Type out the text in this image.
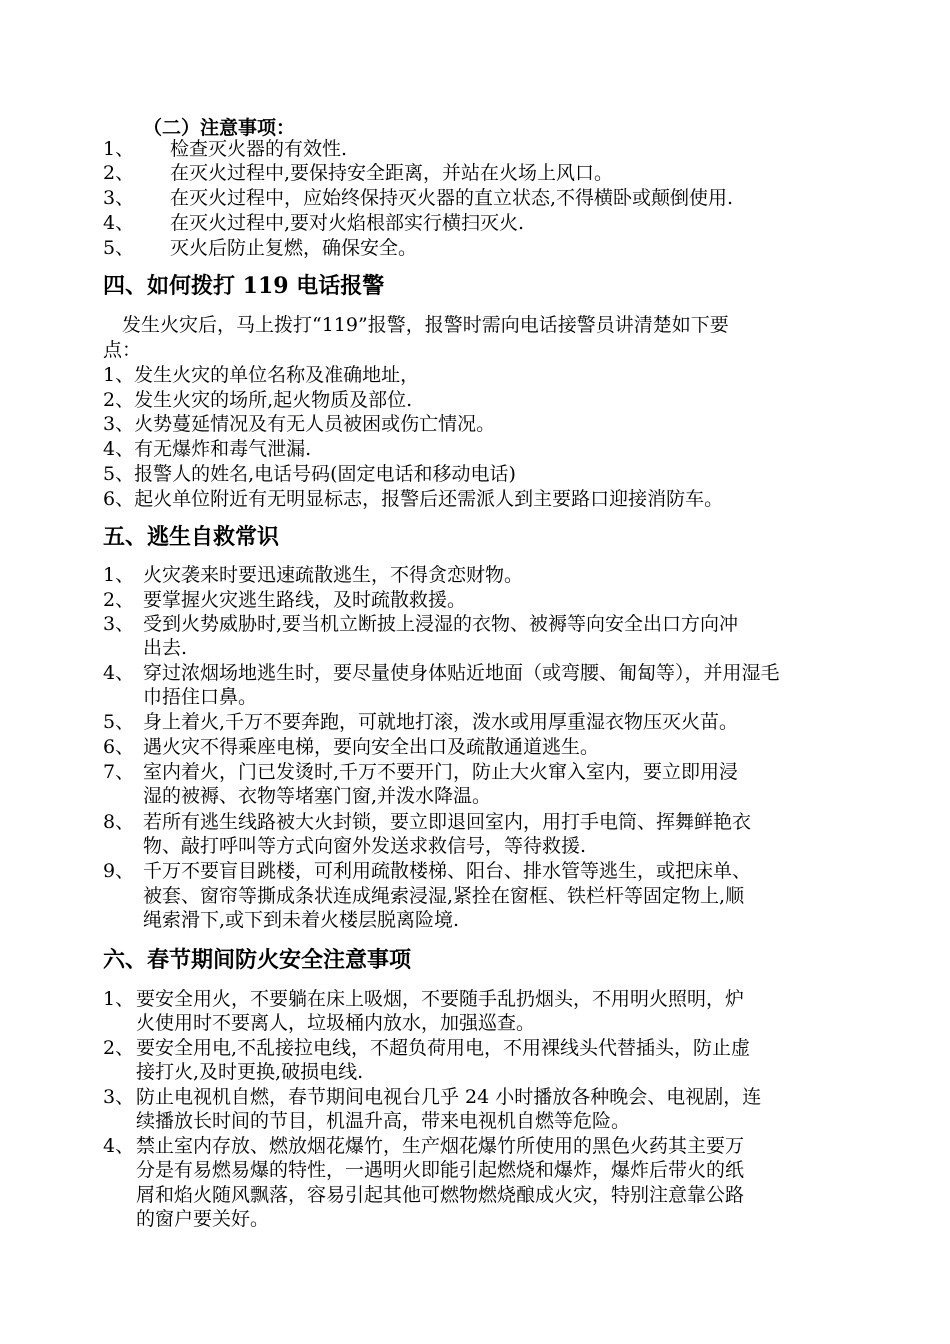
（二）注意事项：
1、 检查灭火器的有效性.
2、 在灭火过程中,要保持安全距离，并站在火场上风口。
3、 在灭火过程中，应始终保持灭火器的直立状态,不得横卧或颠倒使用.
4、 在灭火过程中,要对火焰根部实行横扫灭火.
5、 灭火后防止复燃，确保安全。
四、如何拨打 119 电话报警
发生火灾后，马上拨打“119”报警，报警时需向电话接警员讲清楚如下要
点：
1、发生火灾的单位名称及准确地址，
2、发生火灾的场所,起火物质及部位.
3、火势蔓延情况及有无人员被困或伤亡情况。
4、有无爆炸和毒气泄漏.
5、报警人的姓名,电话号码(固定电话和移动电话)
6、起火单位附近有无明显标志，报警后还需派人到主要路口迎接消防车。
五、逃生自救常识
1、 火灾袭来时要迅速疏散逃生，不得贪恋财物。
2、 要掌握火灾逃生路线，及时疏散救援。
3、 受到火势威胁时,要当机立断披上浸湿的衣物、被褥等向安全出口方向冲
出去.
4、 穿过浓烟场地逃生时，要尽量使身体贴近地面（或弯腰、匍匐等），并用湿毛
巾捂住口鼻。
5、 身上着火,千万不要奔跑，可就地打滚，泼水或用厚重湿衣物压灭火苗。
6、 遇火灾不得乘座电梯，要向安全出口及疏散通道逃生。
7、 室内着火，门已发烫时,千万不要开门，防止大火窜入室内，要立即用浸
湿的被褥、衣物等堵塞门窗,并泼水降温。
8、 若所有逃生线路被大火封锁，要立即退回室内，用打手电筒、挥舞鲜艳衣
物、敲打呼叫等方式向窗外发送求救信号，等待救援.
9、 千万不要盲目跳楼，可利用疏散楼梯、阳台、排水管等逃生，或把床单、
被套、窗帘等撕成条状连成绳索浸湿,紧拴在窗框、铁栏杆等固定物上,顺
绳索滑下,或下到未着火楼层脱离险境.
六、春节期间防火安全注意事项
1、 要安全用火，不要躺在床上吸烟，不要随手乱扔烟头，不用明火照明，炉
火使用时不要离人，垃圾桶内放水，加强巡查。
2、 要安全用电,不乱接拉电线，不超负荷用电，不用裸线头代替插头，防止虚
接打火,及时更换,破损电线.
3、 防止电视机自燃，春节期间电视台几乎 24 小时播放各种晚会、电视剧，连
续播放长时间的节目，机温升高，带来电视机自燃等危险。
4、 禁止室内存放、燃放烟花爆竹，生产烟花爆竹所使用的黑色火药其主要万
分是有易燃易爆的特性，一遇明火即能引起燃烧和爆炸，爆炸后带火的纸
屑和焰火随风飘落，容易引起其他可燃物燃烧酿成火灾，特别注意靠公路
的窗户要关好。
